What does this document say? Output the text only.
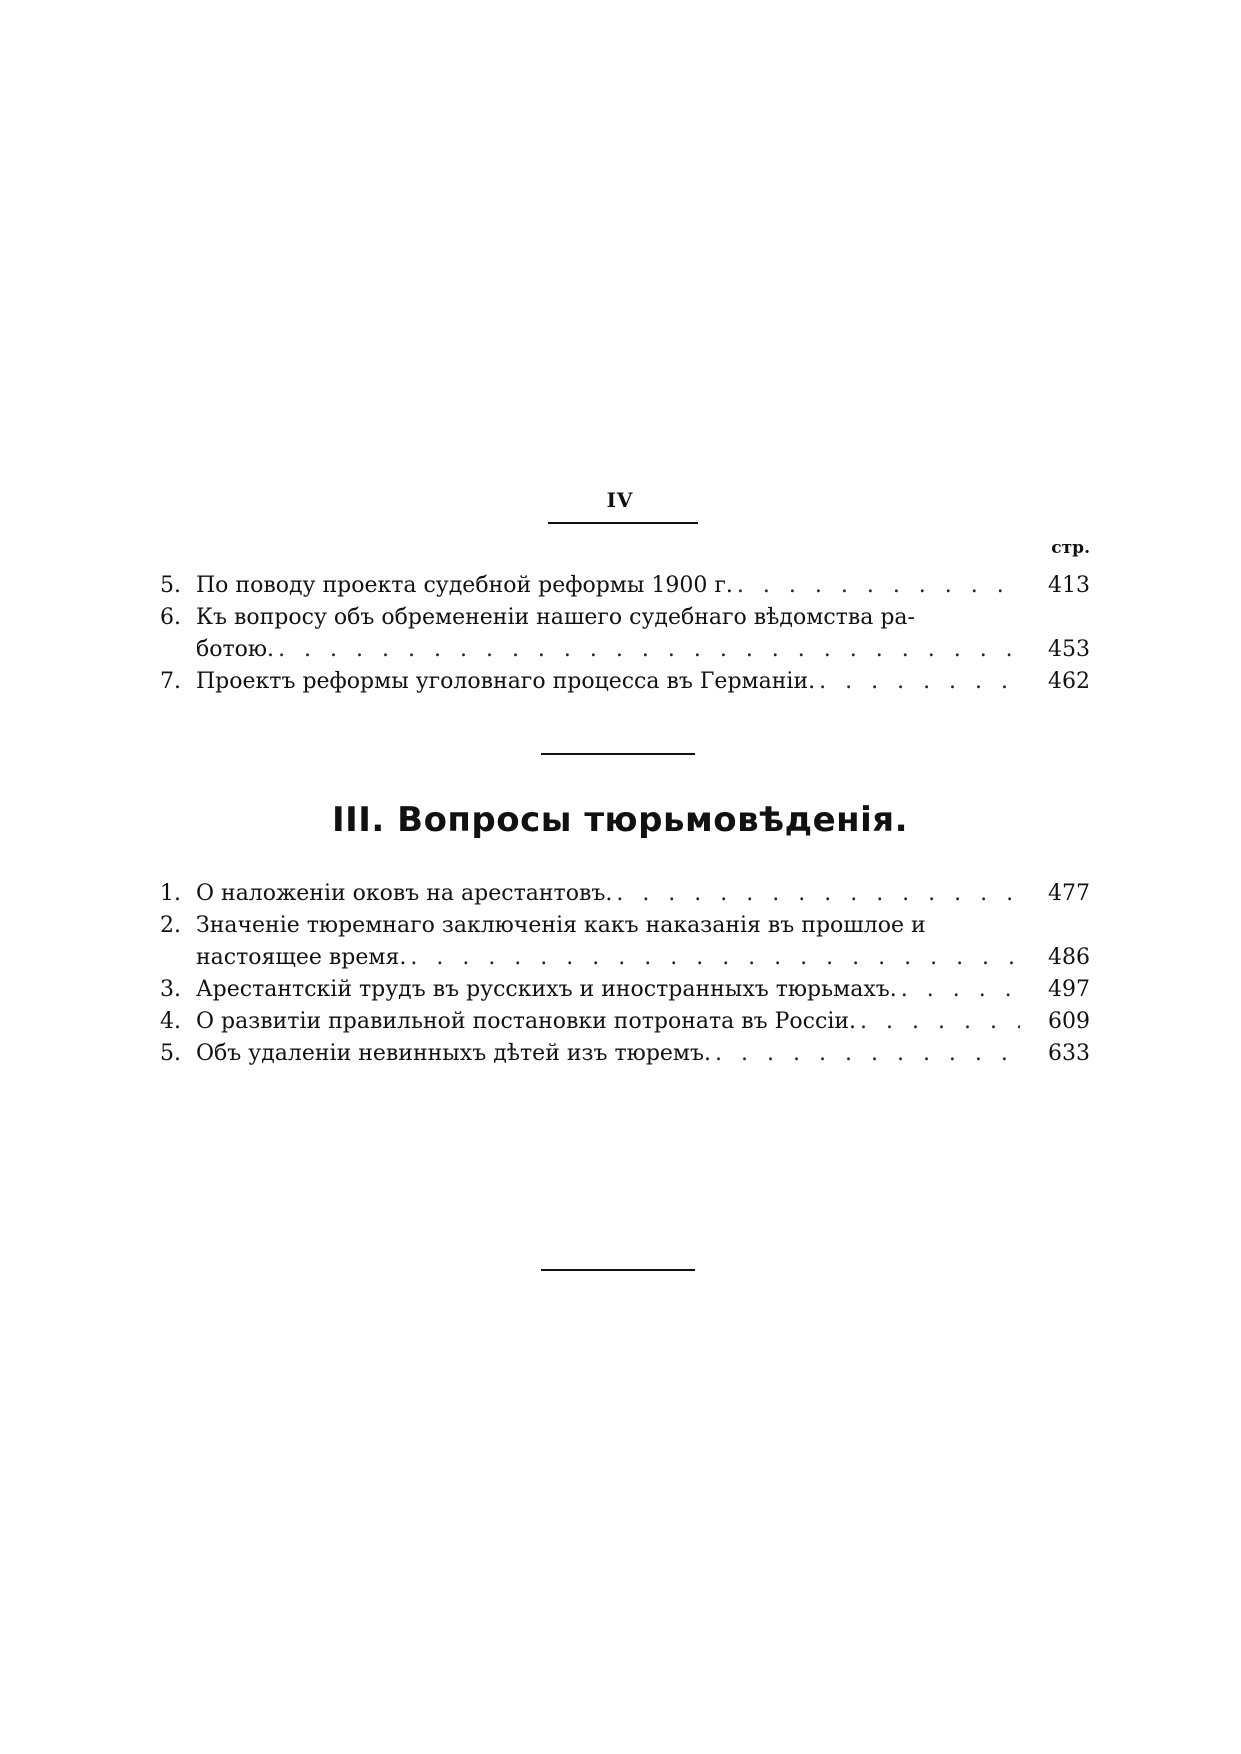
IV
стр.
5. По поводу проекта судебной реформы 1900 г. . . .	413
6. Къ вопросу объ обремененіи нашего судебнаго вѣдомства ра-
ботою. . . .	453
7. Проектъ реформы уголовнаго процесса въ Германіи. . . .	462
III. Вопросы тюрьмовѣденія.
1. О наложеніи оковъ на арестантовъ. . . .	477
2. Значеніе тюремнаго заключенія какъ наказанія въ прошлое и
настоящее время. . . .	486
3. Арестантскій трудъ въ русскихъ и иностранныхъ тюрьмахъ. . . .	497
4. О развитіи правильной постановки потроната въ Россіи. . . .	609
5. Объ удаленіи невинныхъ дѣтей изъ тюремъ. . . .	633
